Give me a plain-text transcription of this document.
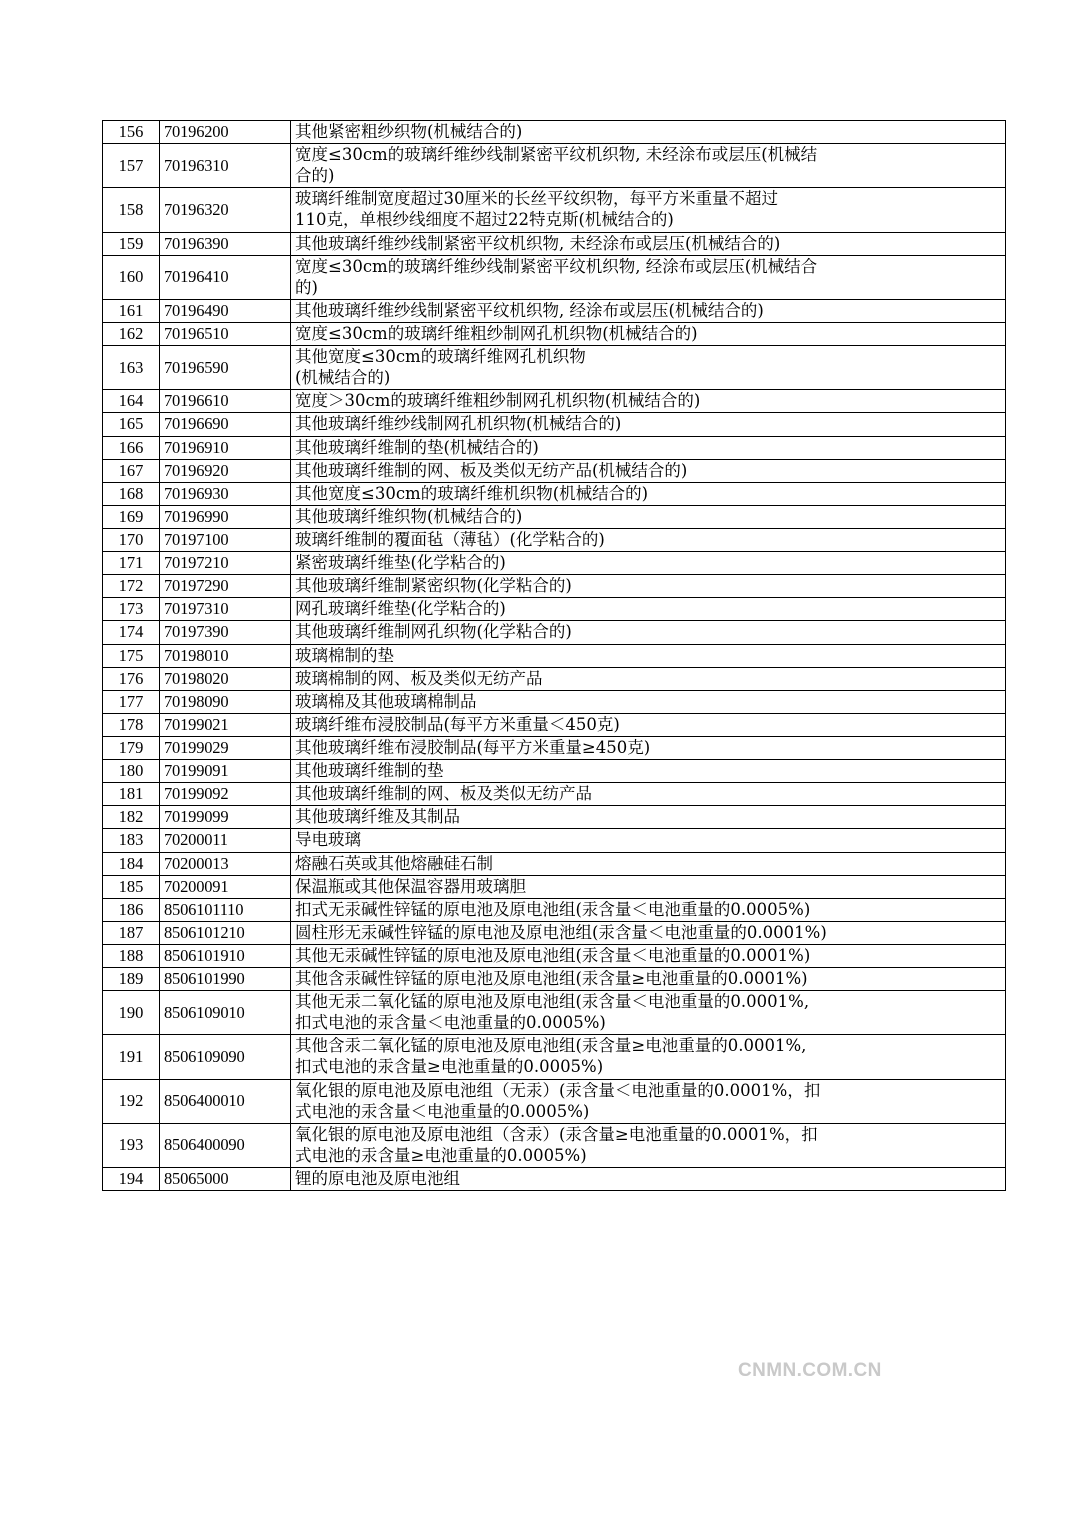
156	70196200	其他紧密粗纱织物(机械结合的)

157	70196310	宽度≤30cm的玻璃纤维纱线制紧密平纹机织物, 未经涂布或层压(机械结
合的)

158	70196320	玻璃纤维制宽度超过30厘米的长丝平纹织物，每平方米重量不超过
110克，单根纱线细度不超过22特克斯(机械结合的)

159	70196390	其他玻璃纤维纱线制紧密平纹机织物, 未经涂布或层压(机械结合的)

160	70196410	宽度≤30cm的玻璃纤维纱线制紧密平纹机织物, 经涂布或层压(机械结合
的)

161	70196490	其他玻璃纤维纱线制紧密平纹机织物, 经涂布或层压(机械结合的)

162	70196510	宽度≤30cm的玻璃纤维粗纱制网孔机织物(机械结合的)

163	70196590	其他宽度≤30cm的玻璃纤维网孔机织物
(机械结合的)

164	70196610	宽度＞30cm的玻璃纤维粗纱制网孔机织物(机械结合的)

165	70196690	其他玻璃纤维纱线制网孔机织物(机械结合的)

166	70196910	其他玻璃纤维制的垫(机械结合的)

167	70196920	其他玻璃纤维制的网、板及类似无纺产品(机械结合的)

168	70196930	其他宽度≤30cm的玻璃纤维机织物(机械结合的)

169	70196990	其他玻璃纤维织物(机械结合的)

170	70197100	玻璃纤维制的覆面毡（薄毡）(化学粘合的)

171	70197210	紧密玻璃纤维垫(化学粘合的)

172	70197290	其他玻璃纤维制紧密织物(化学粘合的)

173	70197310	网孔玻璃纤维垫(化学粘合的)

174	70197390	其他玻璃纤维制网孔织物(化学粘合的)

175	70198010	玻璃棉制的垫

176	70198020	玻璃棉制的网、板及类似无纺产品

177	70198090	玻璃棉及其他玻璃棉制品

178	70199021	玻璃纤维布浸胶制品(每平方米重量＜450克)

179	70199029	其他玻璃纤维布浸胶制品(每平方米重量≥450克)

180	70199091	其他玻璃纤维制的垫

181	70199092	其他玻璃纤维制的网、板及类似无纺产品

182	70199099	其他玻璃纤维及其制品

183	70200011	导电玻璃

184	70200013	熔融石英或其他熔融硅石制

185	70200091	保温瓶或其他保温容器用玻璃胆

186	8506101110	扣式无汞碱性锌锰的原电池及原电池组(汞含量＜电池重量的0.0005%)

187	8506101210	圆柱形无汞碱性锌锰的原电池及原电池组(汞含量＜电池重量的0.0001%)

188	8506101910	其他无汞碱性锌锰的原电池及原电池组(汞含量＜电池重量的0.0001%)

189	8506101990	其他含汞碱性锌锰的原电池及原电池组(汞含量≥电池重量的0.0001%)

190	8506109010	其他无汞二氧化锰的原电池及原电池组(汞含量＜电池重量的0.0001%,
扣式电池的汞含量＜电池重量的0.0005%)

191	8506109090	其他含汞二氧化锰的原电池及原电池组(汞含量≥电池重量的0.0001%,
扣式电池的汞含量≥电池重量的0.0005%)

192	8506400010	氧化银的原电池及原电池组（无汞）(汞含量＜电池重量的0.0001%，扣
式电池的汞含量＜电池重量的0.0005%)

193	8506400090	氧化银的原电池及原电池组（含汞）(汞含量≥电池重量的0.0001%，扣
式电池的汞含量≥电池重量的0.0005%)

194	85065000	锂的原电池及原电池组
CNMN.COM.CN
